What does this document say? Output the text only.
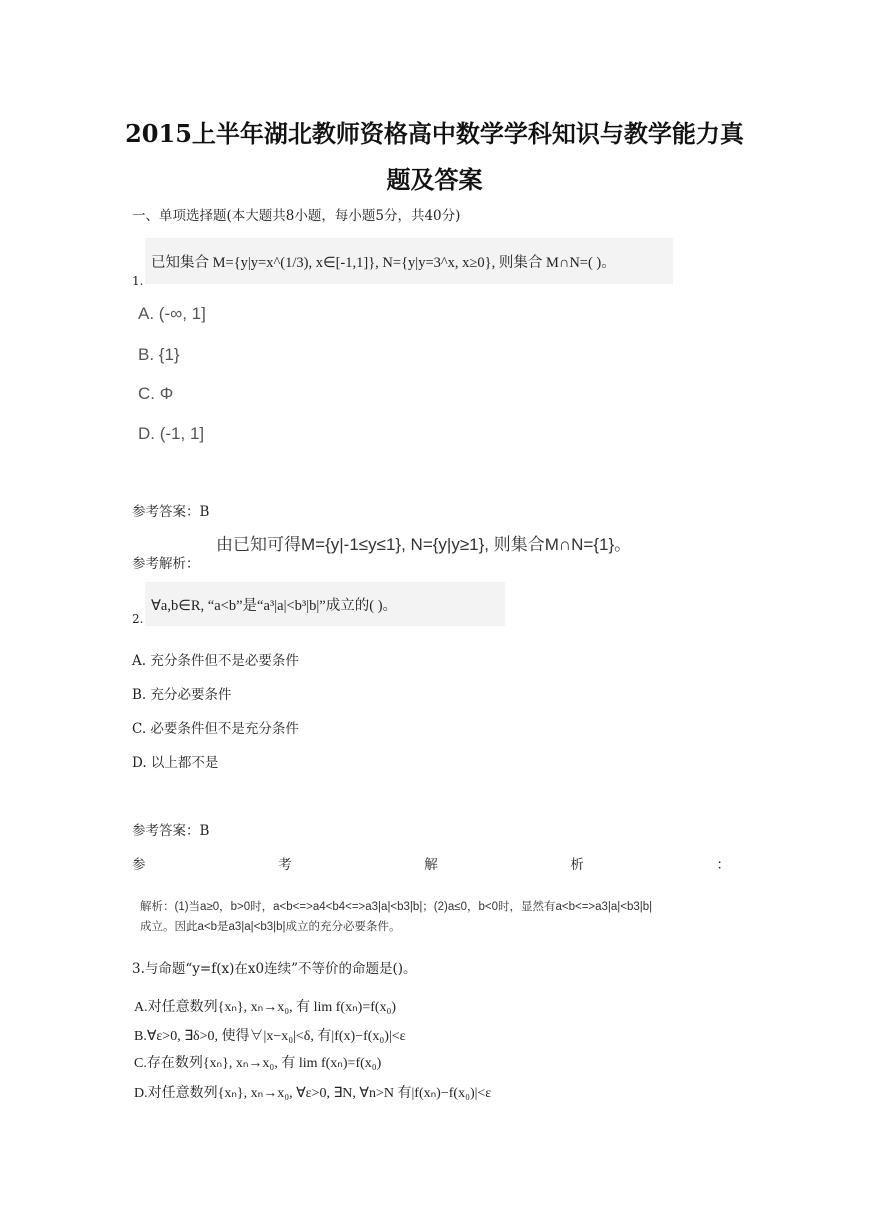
2015上半年湖北教师资格高中数学学科知识与教学能力真
题及答案
一、单项选择题(本大题共8小题，每小题5分，共40分)
已知集合 M={y|y=x^(1/3), x∈[-1,1]}, N={y|y=3^x, x≥0}, 则集合 M∩N=( )。
1.
A. (-∞, 1]
B. {1}
C. Φ
D. (-1, 1]
参考答案：B
由已知可得M={y|-1≤y≤1}, N={y|y≥1}, 则集合M∩N={1}。
参考解析：
∀a,b∈R, “a<b”是“a³|a|<b³|b|”成立的( )。
2.
A. 充分条件但不是必要条件
B. 充分必要条件
C. 必要条件但不是充分条件
D. 以上都不是
参考答案：B
参	考	解	析	：
解析：(1)当a≥0，b>0时，a<b<=>a4<b4<=>a3|a|<b3|b|；(2)a≤0，b<0时，显然有a<b<=>a3|a|<b3|b|
成立。因此a<b是a3|a|<b3|b|成立的充分必要条件。
3.与命题“y=f(x)在x0连续”不等价的命题是()。
A.对任意数列{xₙ}, xₙ→x₀, 有 lim f(xₙ)=f(x₀)
B.∀ε>0, ∃δ>0, 使得∀|x−x₀|<δ, 有|f(x)−f(x₀)|<ε
C.存在数列{xₙ}, xₙ→x₀, 有 lim f(xₙ)=f(x₀)
D.对任意数列{xₙ}, xₙ→x₀, ∀ε>0, ∃N, ∀n>N 有|f(xₙ)−f(x₀)|<ε
